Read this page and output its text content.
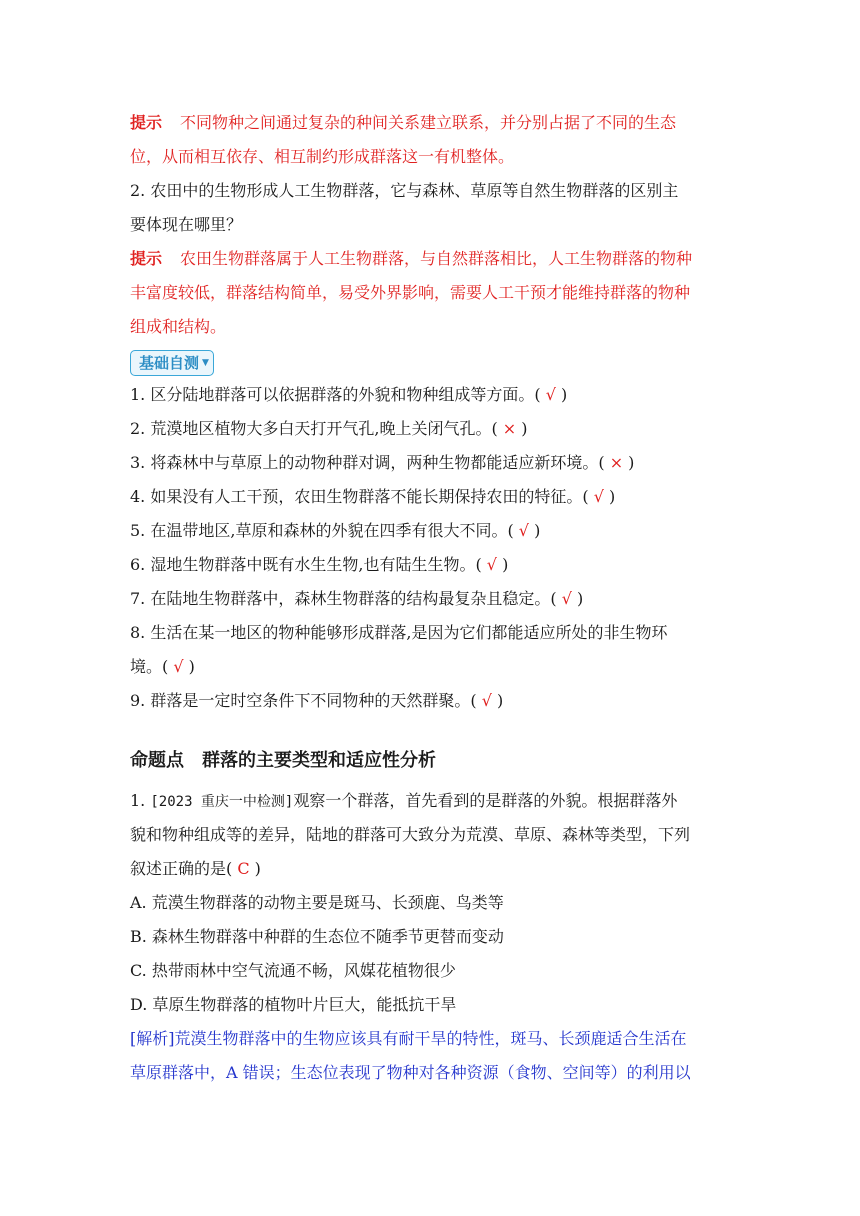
提示 不同物种之间通过复杂的种间关系建立联系，并分别占据了不同的生态
位，从而相互依存、相互制约形成群落这一有机整体。
2. 农田中的生物形成人工生物群落，它与森林、草原等自然生物群落的区别主
要体现在哪里？
提示 农田生物群落属于人工生物群落，与自然群落相比，人工生物群落的物种
丰富度较低，群落结构简单，易受外界影响，需要人工干预才能维持群落的物种
组成和结构。
基础自测 ▼
1. 区分陆地群落可以依据群落的外貌和物种组成等方面。( √ )
2. 荒漠地区植物大多白天打开气孔,晚上关闭气孔。( × )
3. 将森林中与草原上的动物种群对调，两种生物都能适应新环境。( × )
4. 如果没有人工干预，农田生物群落不能长期保持农田的特征。( √ )
5. 在温带地区,草原和森林的外貌在四季有很大不同。( √ )
6. 湿地生物群落中既有水生生物,也有陆生生物。( √ )
7. 在陆地生物群落中，森林生物群落的结构最复杂且稳定。( √ )
8. 生活在某一地区的物种能够形成群落,是因为它们都能适应所处的非生物环
境。( √ )
9. 群落是一定时空条件下不同物种的天然群聚。( √ )
命题点　群落的主要类型和适应性分析
1. [2023 重庆一中检测]观察一个群落，首先看到的是群落的外貌。根据群落外
貌和物种组成等的差异，陆地的群落可大致分为荒漠、草原、森林等类型，下列
叙述正确的是( C )
A. 荒漠生物群落的动物主要是斑马、长颈鹿、鸟类等
B. 森林生物群落中种群的生态位不随季节更替而变动
C. 热带雨林中空气流通不畅，风媒花植物很少
D. 草原生物群落的植物叶片巨大，能抵抗干旱
[解析]荒漠生物群落中的生物应该具有耐干旱的特性，斑马、长颈鹿适合生活在
草原群落中，A 错误；生态位表现了物种对各种资源（食物、空间等）的利用以
